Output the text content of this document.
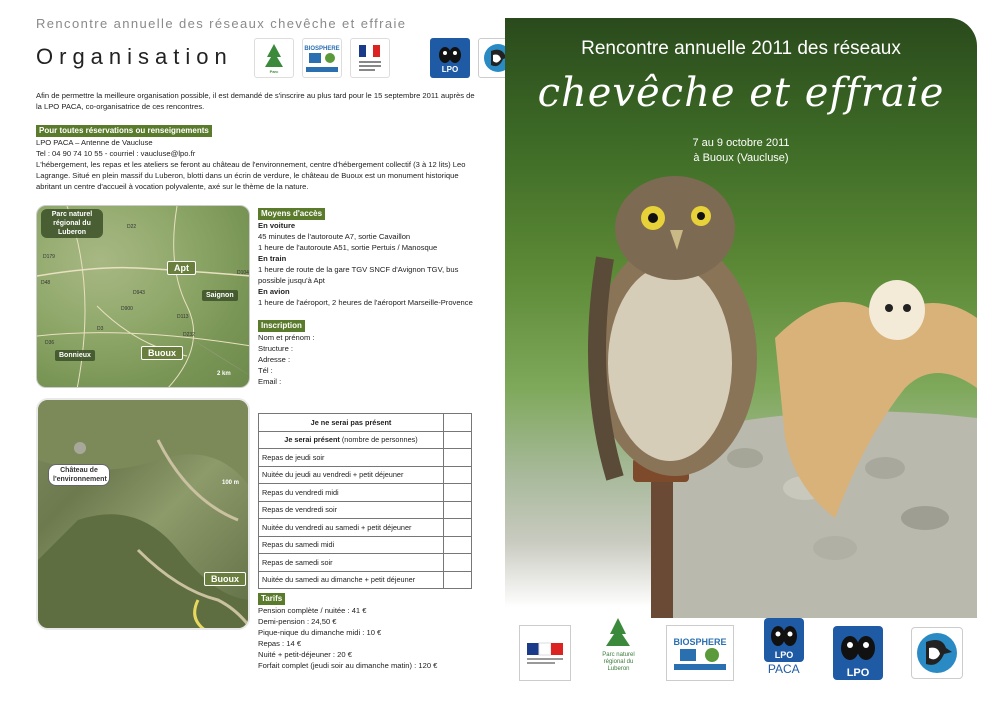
Rencontre annuelle des réseaux chevêche et effraie
Organisation
Parc
BIOSPHERE
LPO
Afin de permettre la meilleure organisation possible, il est demandé de s'inscrire au plus tard pour le 15 septembre 2011 auprès de la LPO PACA, co-organisatrice de ces rencontres.
Pour toutes réservations ou renseignements

LPO PACA – Antenne de Vaucluse

Tel : 04 90 74 10 55 - courriel : vaucluse@lpo.fr

L'hébergement, les repas et les ateliers se feront au château de l'environnement, centre d'hébergement collectif (3 à 12 lits) Leo Lagrange. Situé en plein massif du Luberon, blotti dans un écrin de verdure, le château de Buoux est un monument historique abritant un centre d'accueil à vocation polyvalente, axé sur le thème de la nature.

Parc naturel régional du Luberon
Apt
Saignon
Bonnieux	Buoux
2 km
D22
D179
D943
D48
D113
D3
D232
D36
D104
D900
Château de l'environnement	100 m
Buoux
Moyens d'accès
En voiture
45 minutes de l'autoroute A7, sortie Cavaillon
1 heure de l'autoroute A51, sortie Pertuis / Manosque
En train
1 heure de route de la gare TGV SNCF d'Avignon TGV, bus possible jusqu'à Apt
En avion
1 heure de l'aéroport, 2 heures de l'aéroport Marseille-Provence
Inscription
Nom et prénom :
Structure :
Adresse :
Tél :
Email :
Je ne serai pas présent	
Je serai présent (nombre de personnes)	
Repas de jeudi soir	
Nuitée du jeudi au vendredi + petit déjeuner	
Repas du vendredi midi	
Repas de vendredi soir	
Nuitée du vendredi au samedi + petit déjeuner	
Repas du samedi midi	
Repas de samedi soir	
Nuitée du samedi au dimanche + petit déjeuner	
Tarifs
Pension complète / nuitée : 41 €
Demi-pension : 24,50 €
Pique-nique du dimanche midi : 10 €
Repas : 14 €
Nuité + petit-déjeuner : 20 €
Forfait complet (jeudi soir au dimanche matin) : 120 €
Rencontre annuelle 2011 des réseaux
chevêche et effraie
7 au 9 octobre 2011
à Buoux (Vaucluse)
Parc naturel régional du Luberon
BIOSPHERE
LPO
PACA	LPO
